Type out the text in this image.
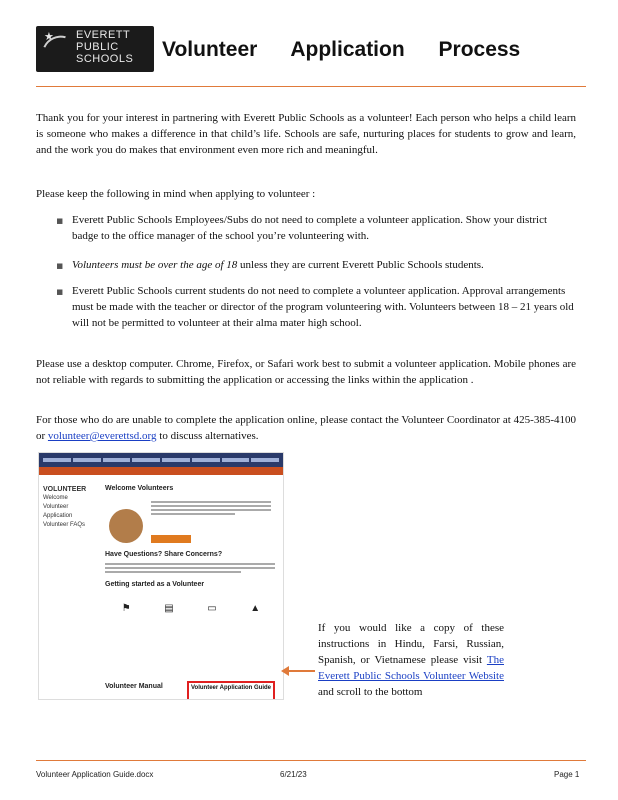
★ EVERETT
PUBLIC
SCHOOLS	Volunteer Application Process
Thank you for your interest in partnering with Everett Public Schools as a volunteer! Each person who helps a child learn is someone who makes a difference in that child’s life. Schools are safe, nurturing places for students to grow and learn, and the work you do makes that environment even more rich and meaningful.
Please keep the following in mind when applying to volunteer :
▪ Everett Public Schools Employees/Subs do not need to complete a volunteer application. Show your district badge to the office manager of the school you’re volunteering with.
▪ Volunteers must be over the age of 18 unless they are current Everett Public Schools students.
▪ Everett Public Schools current students do not need to complete a volunteer application. Approval arrangements must be made with the teacher or director of the program volunteering with. Volunteers between 18 – 21 years old will not be permitted to volunteer at their alma mater high school.
Please use a desktop computer. Chrome, Firefox, or Safari work best to submit a volunteer application. Mobile phones are not reliable with regards to submitting the application or accessing the links within the application .
For those who do are unable to complete the application online, please contact the Volunteer Coordinator at 425-385-4100 or volunteer@everettsd.org to discuss alternatives.
VOLUNTEER
Welcome
Volunteer Application
Volunteer FAQs
Welcome Volunteers
Have Questions? Share Concerns?
Getting started as a Volunteer
⚑	▤	▭	▲
Volunteer Manual	Volunteer Application Guide
If you would like a copy of these instructions in Hindu, Farsi, Russian, Spanish, or Vietnamese please visit The Everett Public Schools Volunteer Website and scroll to the bottom
Volunteer Application Guide.docx	6/21/23	Page 1
